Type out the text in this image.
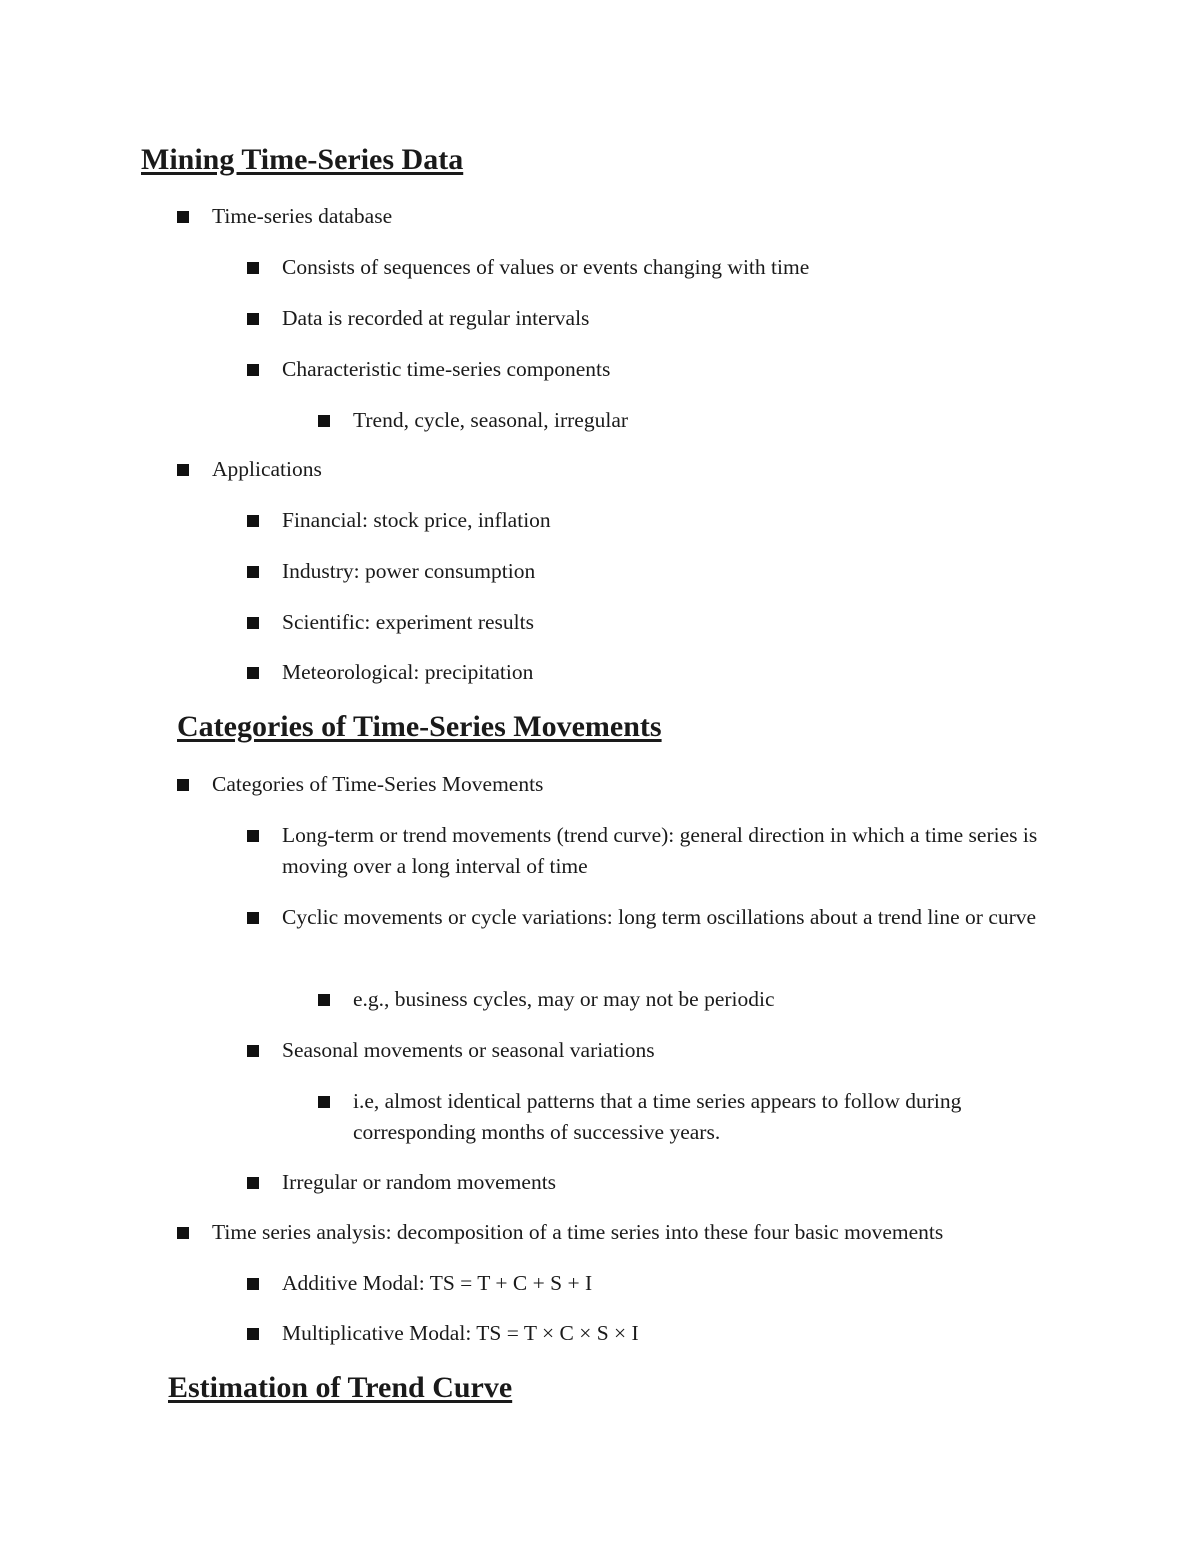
Mining Time-Series Data
Time-series database
Consists of sequences of values or events changing with time
Data is recorded at regular intervals
Characteristic time-series components
Trend, cycle, seasonal, irregular
Applications
Financial: stock price, inflation
Industry: power consumption
Scientific: experiment results
Meteorological: precipitation
Categories of Time-Series Movements
Categories of Time-Series Movements
Long-term or trend movements (trend curve): general direction in which a time series is moving over a long interval of time
Cyclic movements or cycle variations: long term oscillations about a trend line or curve
e.g., business cycles, may or may not be periodic
Seasonal movements or seasonal variations
i.e, almost identical patterns that a time series appears to follow during corresponding months of successive years.
Irregular or random movements
Time series analysis: decomposition of a time series into these four basic movements
Additive Modal: TS = T + C + S + I
Multiplicative Modal: TS = T × C × S × I
Estimation of Trend Curve
